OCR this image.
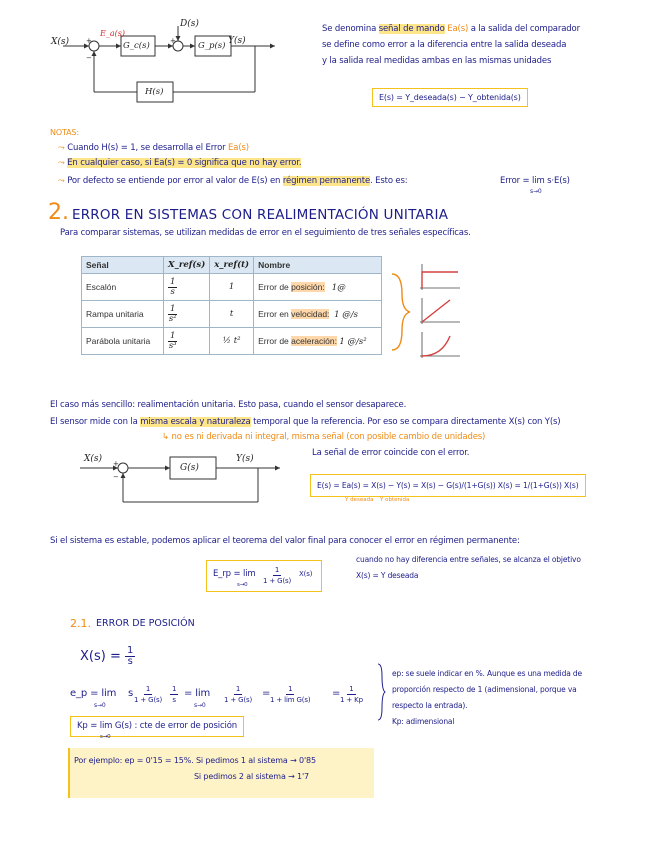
X(s)
E_a(s)
D(s)
G_c(s)	G_p(s) Y(s)
H(s)
+
−
+
Se denomina señal de mando Ea(s) a la salida del comparador
se define como error a la diferencia entre la salida deseada
y la salida real medidas ambas en las mismas unidades
E(s) = Y_deseada(s) − Y_obtenida(s)
NOTAS:
⤳ Cuando H(s) = 1, se desarrolla el Error Ea(s)
⤳ En cualquier caso, si Ea(s) = 0 significa que no hay error.
⤳ Por defecto se entiende por error al valor de E(s) en régimen permanente. Esto es:	Error = lim s·E(s)
s→0
2. ERROR EN SISTEMAS CON REALIMENTACIÓN UNITARIA
Para comparar sistemas, se utilizan medidas de error en el seguimiento de tres señales específicas.
Señal	X_ref(s)	x_ref(t)	Nombre
Escalón	$\frac{1}{s}$	1	Error de posición: 1@
Rampa unitaria	$\frac{1}{\text{s²}}$	t	Error en velocidad: 1 @/s
Parábola unitaria	$\frac{1}{\text{s³}}$	½ t²	Error de aceleración: 1 @/s²
El caso más sencillo: realimentación unitaria. Esto pasa, cuando el sensor desaparece.
El sensor mide con la misma escala y naturaleza temporal que la referencia. Por eso se compara directamente X(s) con Y(s)
↳ no es ni derivada ni integral, misma señal (con posible cambio de unidades)
X(s)
G(s)
Y(s)
+
−
La señal de error coincide con el error.
E(s) = Ea(s) = X(s) − Y(s) = X(s) − G(s)/(1+G(s)) X(s) = 1/(1+G(s)) X(s)
Y deseada Y obtenida
Si el sistema es estable, podemos aplicar el teorema del valor final para conocer el error en régimen permanente:
cuando no hay diferencia entre señales, se alcanza el objetivo
X(s) = Y deseada
E_rp = lim
s→0
1
1 + G(s)
X(s)
2.1. ERROR DE POSICIÓN
$X(s) = \frac{1}{s}$
e_p = lim
s→0
s 1
1 + G(s)
1
s
= lim
s→0
1
1 + G(s)
=	1
1 + lim G(s)
= 1
1 + Kp
Kp = lim G(s) : cte de error de posición
s→0
ep: se suele indicar en %. Aunque es una medida de
proporción respecto de 1 (adimensional, porque va
respecto la entrada).
Kp: adimensional
Por ejemplo: ep = 0'15 = 15%. Si pedimos 1 al sistema → 0'85
Si pedimos 2 al sistema → 1'7
